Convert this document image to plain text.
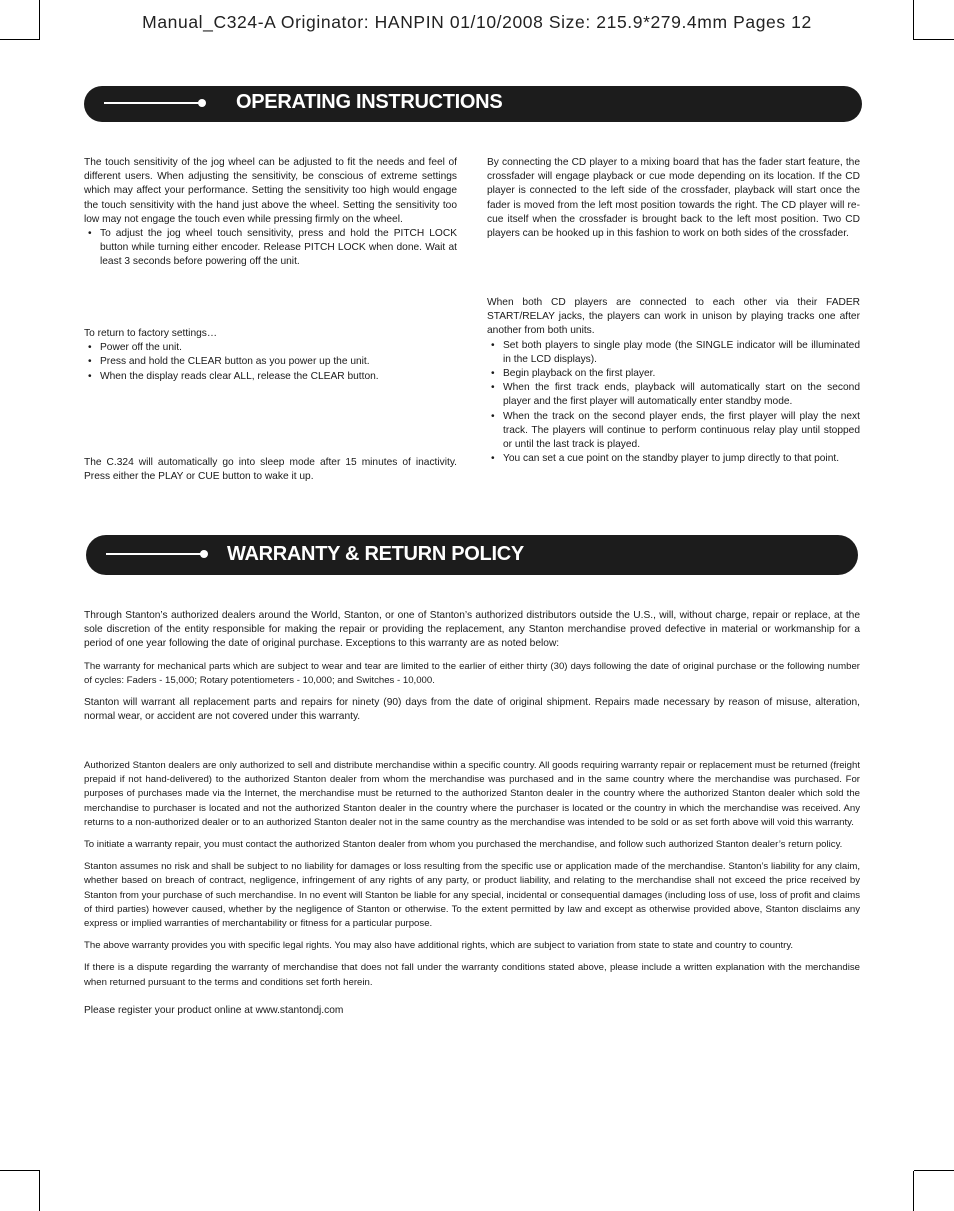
Manual_C324-A Originator: HANPIN 01/10/2008 Size: 215.9*279.4mm Pages 12
OPERATING INSTRUCTIONS

The touch sensitivity of the jog wheel can be adjusted to fit the needs and feel of different users. When adjusting the sensitivity, be conscious of extreme settings which may affect your performance. Setting the sensitivity too high would engage the touch sensitivity with the hand just above the wheel. Setting the sensitivity too low may not engage the touch even while pressing firmly on the wheel.

• To adjust the jog wheel touch sensitivity, press and hold the PITCH LOCK button while turning either encoder. Release PITCH LOCK when done. Wait at least 3 seconds before powering off the unit.

To return to factory settings…

• Power off the unit.
• Press and hold the CLEAR button as you power up the unit.
• When the display reads clear ALL, release the CLEAR button.

The C.324 will automatically go into sleep mode after 15 minutes of inactivity. Press either the PLAY or CUE button to wake it up.

By connecting the CD player to a mixing board that has the fader start feature, the crossfader will engage playback or cue mode depending on its location. If the CD player is connected to the left side of the crossfader, playback will start once the fader is moved from the left most position towards the right. The CD player will re-cue itself when the crossfader is brought back to the left most position. Two CD players can be hooked up in this fashion to work on both sides of the crossfader.

When both CD players are connected to each other via their FADER START/RELAY jacks, the players can work in unison by playing tracks one after another from both units.

• Set both players to single play mode (the SINGLE indicator will be illuminated in the LCD displays).
• Begin playback on the first player.
• When the first track ends, playback will automatically start on the second player and the first player will automatically enter standby mode.
• When the track on the second player ends, the first player will play the next track. The players will continue to perform continuous relay play until stopped or until the last track is played.
• You can set a cue point on the standby player to jump directly to that point.
WARRANTY & RETURN POLICY

Through Stanton’s authorized dealers around the World, Stanton, or one of Stanton’s authorized distributors outside the U.S., will, without charge, repair or replace, at the sole discretion of the entity responsible for making the repair or providing the replacement, any Stanton merchandise proved defective in material or workmanship for a period of one year following the date of original purchase. Exceptions to this warranty are as noted below:

The warranty for mechanical parts which are subject to wear and tear are limited to the earlier of either thirty (30) days following the date of original purchase or the following number of cycles: Faders - 15,000; Rotary potentiometers - 10,000; and Switches - 10,000.

Stanton will warrant all replacement parts and repairs for ninety (90) days from the date of original shipment. Repairs made necessary by reason of misuse, alteration, normal wear, or accident are not covered under this warranty.

Authorized Stanton dealers are only authorized to sell and distribute merchandise within a specific country. All goods requiring warranty repair or replacement must be returned (freight prepaid if not hand-delivered) to the authorized Stanton dealer from whom the merchandise was purchased and in the same country where the merchandise was purchased. For purposes of purchases made via the Internet, the merchandise must be returned to the authorized Stanton dealer in the country where the authorized Stanton dealer which sold the merchandise to purchaser is located and not the authorized Stanton dealer in the country where the purchaser is located or the country in which the merchandise was received. Any returns to a non-authorized dealer or to an authorized Stanton dealer not in the same country as the merchandise was intended to be sold or as set forth above will void this warranty.

To initiate a warranty repair, you must contact the authorized Stanton dealer from whom you purchased the merchandise, and follow such authorized Stanton dealer’s return policy.

Stanton assumes no risk and shall be subject to no liability for damages or loss resulting from the specific use or application made of the merchandise. Stanton’s liability for any claim, whether based on breach of contract, negligence, infringement of any rights of any party, or product liability, and relating to the merchandise shall not exceed the price received by Stanton from your purchase of such merchandise. In no event will Stanton be liable for any special, incidental or consequential damages (including loss of use, loss of profit and claims of third parties) however caused, whether by the negligence of Stanton or otherwise. To the extent permitted by law and except as otherwise provided above, Stanton disclaims any express or implied warranties of merchantability or fitness for a particular purpose.

The above warranty provides you with specific legal rights. You may also have additional rights, which are subject to variation from state to state and country to country.

If there is a dispute regarding the warranty of merchandise that does not fall under the warranty conditions stated above, please include a written explanation with the merchandise when returned pursuant to the terms and conditions set forth herein.

Please register your product online at www.stantondj.com
